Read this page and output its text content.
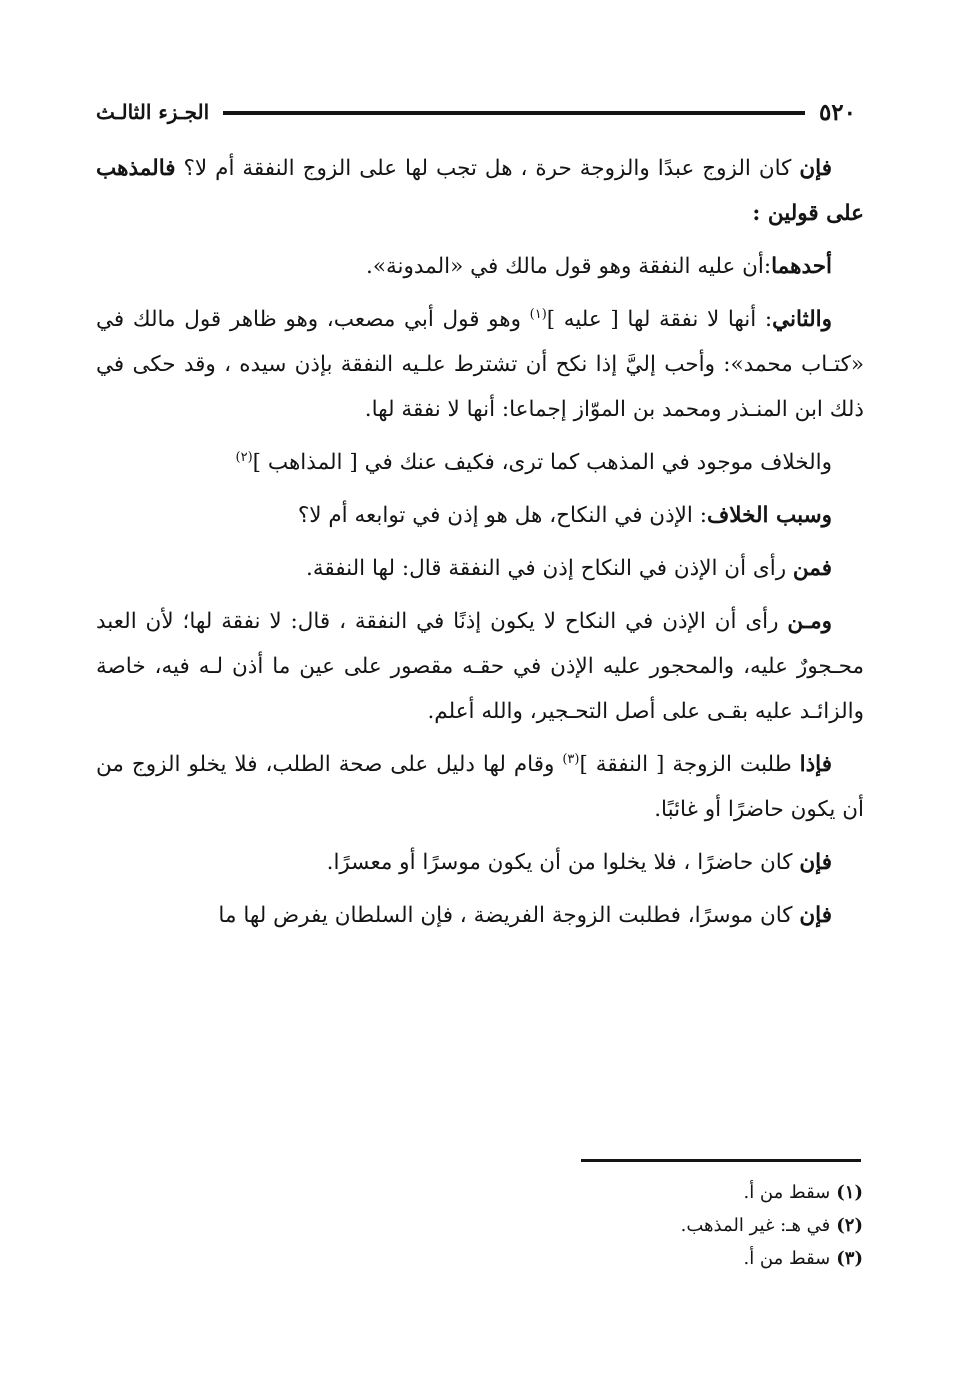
٥٢٠
الجـزء الثالـث

فإن كان الزوج عبدًا والزوجة حرة ، هل تجب لها على الزوج النفقة أم لا؟ فالمذهب على قولين :

أحدهما:أن عليه النفقة وهو قول مالك في «المدونة».

والثاني: أنها لا نفقة لها [ عليه ]$^{(١)}$ وهو قول أبي مصعب، وهو ظاهر قول مالك في «كتـاب محمد»: وأحب إليَّ إذا نكح أن تشترط علـيه النفقة بإذن سيده ، وقد حكى في ذلك ابن المنـذر ومحمد بن الموّاز إجماعا: أنها لا نفقة لها.

والخلاف موجود في المذهب كما ترى، فكيف عنك في [ المذاهب ]$^{(٢)}$

وسبب الخلاف: الإذن في النكاح، هل هو إذن في توابعه أم لا؟

فمن رأى أن الإذن في النكاح إذن في النفقة قال: لها النفقة.

ومـن رأى أن الإذن في النكاح لا يكون إذنًا في النفقة ، قال: لا نفقة لها؛ لأن العبد محـجورٌ عليه، والمحجور عليه الإذن في حقـه مقصور على عين ما أذن لـه فيه، خاصة والزائـد عليه بقـى على أصل التحـجير، والله أعلم.

فإذا طلبت الزوجة [ النفقة ]$^{(٣)}$ وقام لها دليل على صحة الطلب، فلا يخلو الزوج من أن يكون حاضرًا أو غائبًا.

فإن كان حاضرًا ، فلا يخلوا من أن يكون موسرًا أو معسرًا.

فإن كان موسرًا، فطلبت الزوجة الفريضة ، فإن السلطان يفرض لها ما

(١)سقط من أ.

(٢)في هـ: غير المذهب.

(٣)سقط من أ.
